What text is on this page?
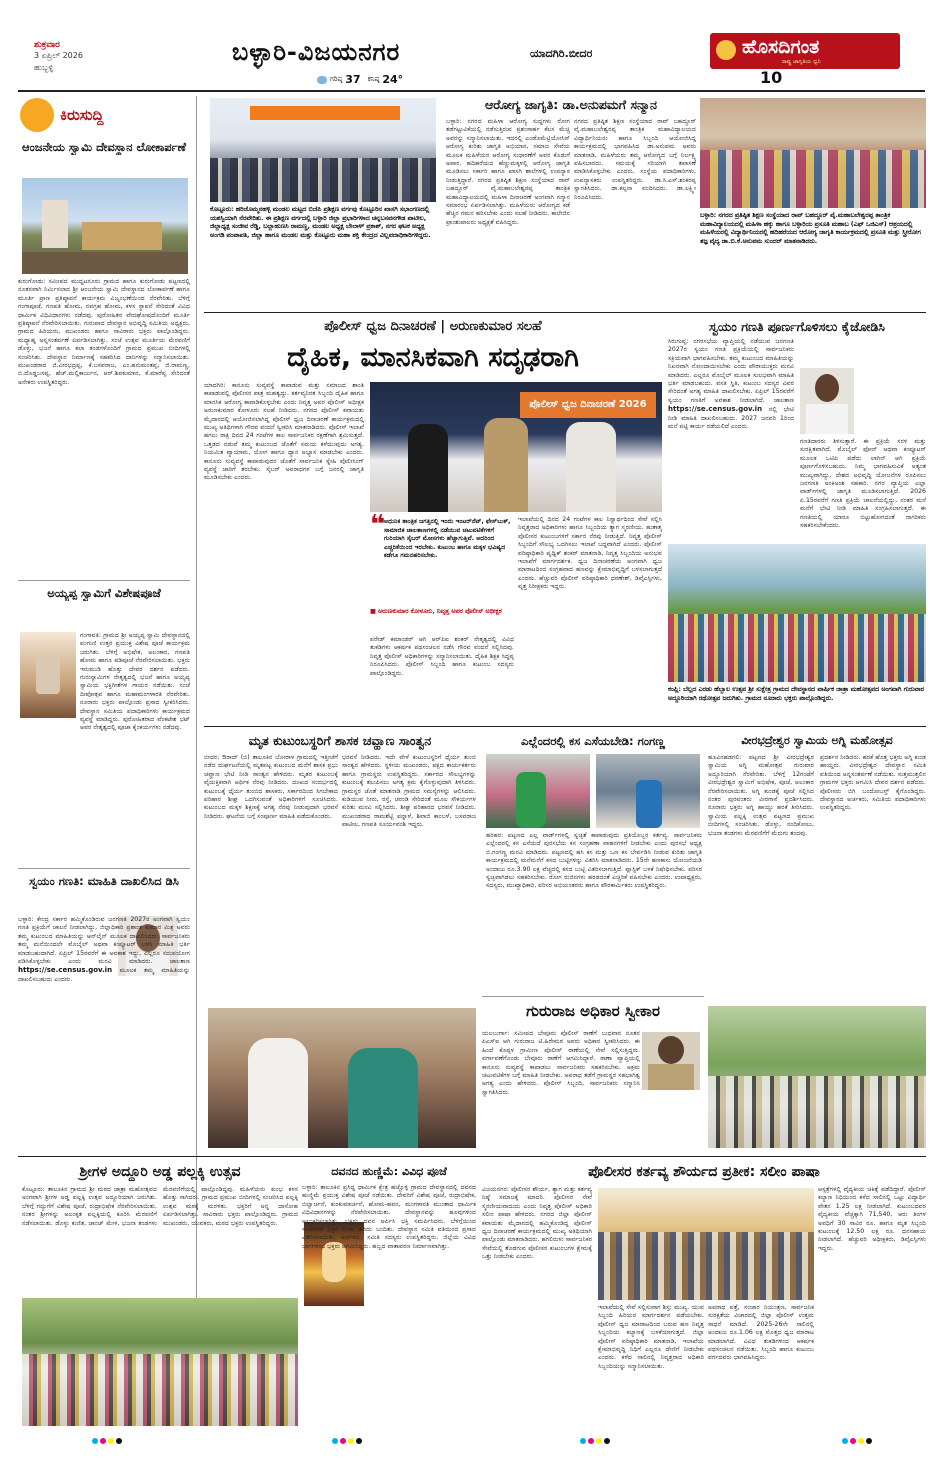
ಶುಕ್ರವಾರ
3 ಏಪ್ರಿಲ್ 2026
ಹುಬ್ಬಳ್ಳಿ
ಬಳ್ಳಾರಿ-ವಿಜಯನಗರ	ಯಾದಗಿರಿ.ಬೀದರ
ಗರಿಷ್ಠ 37 ಕನಿಷ್ಠ 24°
ಹೊಸದಿಗಂತ
ರಾಷ್ಟ್ರ ಜಾಗೃತಿಯ ಧ್ವನಿ
10
ಕಿರುಸುದ್ದಿ
ಆಂಜನೇಯ ಸ್ವಾಮಿ ದೇವಸ್ಥಾನ ಲೋಕಾರ್ಪಣೆ
ಕುರುಗೋಡು: ಸಮೀಪದ ಮುದ್ದಟನೂರು ಗ್ರಾಮದ ಹಾಗೂ ಕುರುಗೋಡು ಪಟ್ಟಣದಲ್ಲಿ ನೂತನವಾಗಿ ನಿರ್ಮಿಸಲಾದ ಶ್ರೀ ಆಂಜನೇಯ ಸ್ವಾಮಿ ದೇವಸ್ಥಾನದ ಲೋಕಾರ್ಪಣೆ ಹಾಗೂ ಮೂರ್ತಿ ಪ್ರಾಣ ಪ್ರತಿಷ್ಠಾಪನೆ ಕಾರ್ಯಕ್ರಮ ವಿಜೃಂಭಣೆಯಿಂದ ನೆರವೇರಿತು. ಬೆಳಿಗ್ಗೆ ಗಂಗಾಪೂಜೆ, ಗಣಪತಿ ಹೋಮ, ನವಗ್ರಹ ಹೋಮ, ಕಳಸ ಸ್ಥಾಪನೆ ಸೇರಿದಂತೆ ವಿವಿಧ ಧಾರ್ಮಿಕ ವಿಧಿವಿಧಾನಗಳು ನಡೆದವು. ಪುರೋಹಿತರ ವೇದಘೋಷದೊಂದಿಗೆ ಮೂರ್ತಿ ಪ್ರತಿಷ್ಠಾಪನೆ ನೆರವೇರಿಸಲಾಯಿತು. ಗುರುಪಾದ ದೇವಸ್ಥಾನ ಅಭಿವೃದ್ಧಿ ಸಮಿತಿಯ ಅಧ್ಯಕ್ಷರು, ಗ್ರಾಮದ ಹಿರಿಯರು, ಮುಖಂಡರು ಹಾಗೂ ಸಾವಿರಾರು ಭಕ್ತರು ಪಾಲ್ಗೊಂಡಿದ್ದರು. ಮಧ್ಯಾಹ್ನ ಅನ್ನಸಂತರ್ಪಣೆ ಏರ್ಪಡಿಸಲಾಗಿತ್ತು. ಸಂಜೆ ಉತ್ಸವ ಮೂರ್ತಿಯ ಮೆರವಣಿಗೆ ಡೊಳ್ಳು, ಭಜನೆ ಹಾಗೂ ಕಲಾ ತಂಡಗಳೊಂದಿಗೆ ಗ್ರಾಮದ ಪ್ರಮುಖ ಬೀದಿಗಳಲ್ಲಿ ಸಂಚರಿಸಿತು. ದೇವಸ್ಥಾನ ನಿರ್ಮಾಣಕ್ಕೆ ಸಹಕರಿಸಿದ ದಾನಿಗಳನ್ನು ಸನ್ಮಾನಿಸಲಾಯಿತು. ಮುಖಂಡರಾದ ಜಿ.ವೀರಭದ್ರಪ್ಪ, ಕೆ.ಬಸವರಾಜ, ಎಂ.ಹನುಮಂತಪ್ಪ, ಜಿ.ರಾಮಣ್ಣ, ಬಿ.ದೊಡ್ಡಬಸಪ್ಪ, ಹೆಚ್.ಮಲ್ಲಿಕಾರ್ಜುನ, ಆರ್.ಶಿವಕುಮಾರ, ಕೆ.ಮಾರೆಪ್ಪ ಸೇರಿದಂತೆ ಅನೇಕರು ಉಪಸ್ಥಿತರಿದ್ದರು.
ಅಯ್ಯಪ್ಪ ಸ್ವಾಮಿಗೆ ವಿಶೇಷಪೂಜೆ
ಗಂಗಾವತಿ: ಗ್ರಾಮದ ಶ್ರೀ ಅಯ್ಯಪ್ಪ ಸ್ವಾಮಿ ದೇವಸ್ಥಾನದಲ್ಲಿ ಪಂಗುಣಿ ಉತ್ತರ ಪ್ರಯುಕ್ತ ವಿಶೇಷ ಪೂಜೆ ಕಾರ್ಯಕ್ರಮ ಜರುಗಿತು. ಬೆಳಿಗ್ಗೆ ಅಭಿಷೇಕ, ಅಲಂಕಾರ, ಗಣಪತಿ ಹೋಮ ಹಾಗೂ ಪಡಿಪೂಜೆ ನೆರವೇರಿಸಲಾಯಿತು. ಭಕ್ತರು ಇರುಮುಡಿ ಹೊತ್ತು ದೇವರ ದರ್ಶನ ಪಡೆದರು. ಗುರುಸ್ವಾಮಿಗಳ ನೇತೃತ್ವದಲ್ಲಿ ಭಜನೆ ಹಾಗೂ ಅಯ್ಯಪ್ಪ ಸ್ವಾಮಿಯ ಭಕ್ತಿಗೀತೆಗಳ ಗಾಯನ ನಡೆಯಿತು. ಸಂಜೆ ದೀಪೋತ್ಸವ ಹಾಗೂ ಮಹಾಮಂಗಳಾರತಿ ನೆರವೇರಿತು. ನೂರಾರು ಭಕ್ತರು ಪಾಲ್ಗೊಂಡು ಪ್ರಸಾದ ಸ್ವೀಕರಿಸಿದರು. ದೇವಸ್ಥಾನ ಸಮಿತಿಯ ಪದಾಧಿಕಾರಿಗಳು ಕಾರ್ಯಕ್ರಮದ ವ್ಯವಸ್ಥೆ ಮಾಡಿದ್ದರು. ಪುರೋಹಿತರಾದ ವೆಂಕಟೇಶ ಭಟ್ ಅವರ ನೇತೃತ್ವದಲ್ಲಿ ಪೂಜಾ ಕೈಂಕರ್ಯಗಳು ನಡೆದವು.
ಸ್ವಯಂ ಗಣತಿ: ಮಾಹಿತಿ ದಾಖಲಿಸಿದ ಡಿಸಿ
ಬಳ್ಳಾರಿ: ಕೇಂದ್ರ ಸರ್ಕಾರ ಹಮ್ಮಿಕೊಂಡಿರುವ ಜನಗಣತಿ 2027ರ ಅಂಗವಾಗಿ ಸ್ವಯಂ ಗಣತಿ ಪ್ರಕ್ರಿಯೆಗೆ ಚಾಲನೆ ನೀಡಲಾಗಿದ್ದು, ಜಿಲ್ಲಾಧಿಕಾರಿ ಪ್ರಶಾಂತ ಕುಮಾರ ಮಿಶ್ರ ಅವರು ತಮ್ಮ ಕುಟುಂಬದ ಮಾಹಿತಿಯನ್ನು ಆನ್‌ಲೈನ್ ಮೂಲಕ ದಾಖಲಿಸಿದರು. ಸಾರ್ವಜನಿಕರು ತಮ್ಮ ಮನೆಯಿಂದಲೇ ಮೊಬೈಲ್ ಅಥವಾ ಕಂಪ್ಯೂಟರ್ ಬಳಸಿ ಮಾಹಿತಿ ಭರ್ತಿ ಮಾಡಬಹುದಾಗಿದೆ. ಏಪ್ರಿಲ್ 15ರವರೆಗೆ ಈ ಅವಕಾಶ ಇದ್ದು, ಎಲ್ಲರೂ ಸದುಪಯೋಗ ಪಡಿಸಿಕೊಳ್ಳಬೇಕು ಎಂದು ಮನವಿ ಮಾಡಿದರು. ಜಾಲತಾಣ https://se.census.gov.in ಮೂಲಕ ತಮ್ಮ ಮಾಹಿತಿಯನ್ನು ದಾಖಲಿಸಬಹುದು ಎಂದರು.
ಕೊಟ್ಟೂರು: ಹರಿಜೊಮ್ಮನಹಳ್ಳಿ ಮಂಡಲ ಮಟ್ಟದ ಬಿಜೆಪಿ ಪ್ರಶಿಕ್ಷಣ ವರ್ಗವು ಕೊಟ್ಟೂರಿನ ಖಾಸಗಿ ಸಭಾಂಗಣದಲ್ಲಿ ಯಶಸ್ವಿಯಾಗಿ ನೆರವೇರಿತು. ಈ ಪ್ರಶಿಕ್ಷಣ ವರ್ಗದಲ್ಲಿ ಬಳ್ಳಾರಿ ಜಿಲ್ಲಾ ಪ್ರಭಾರಿಗಳಾದ ಚನ್ನಬಸವನಗೌಡ ಪಾಟೀಲ, ಜಿಲ್ಲಾಧ್ಯಕ್ಷ ಸಂಜೀವ ರೆಡ್ಡಿ, ಬಲ್ಲಾಹುಣಸಿ ರಾಮಣ್ಣ, ಮಂಡಲ ಅಧ್ಯಕ್ಷ ಬೇಲಾಳ್ ಪ್ರಕಾಶ್, ನಗರ ಘಟಕ ಅಧ್ಯಕ್ಷ ಅಂಗಡಿ ಪಂಪಾಪತಿ, ಜಿಲ್ಲಾ ಹಾಗೂ ಮಂಡಲ ಮತ್ತು ಕೊಟ್ಟೂರು ಮಹಾ ಶಕ್ತಿ ಕೇಂದ್ರದ ವಿಲ್ಲಪದಾಧಿಕಾರಿಗಳಿದ್ದರು.
ಆರೋಗ್ಯ ಜಾಗೃತಿ: ಡಾ.ಅನುಪಮಗೆ ಸನ್ಮಾನ
ಬಳ್ಳಾರಿ: ನಗರದ ಮಹಿಳಾ ಆರೋಗ್ಯ ಸುದ್ಧಗಳು ರೋಗ ತಡೆಗಟ್ಟುವಿಕೆಯಲ್ಲಿ ನಡೆಸುತ್ತಿರುವ ಪ್ರಶಂಸಾರ್ಹ ಕೆಲಸ ಮೆಚ್ಚಿ ಅವರನ್ನು ಸನ್ಮಾನಿಸಲಾಯಿತು. ಇದರಲ್ಲಿ ಎಂಡೊಮೆಟ್ರಿಯೋಸಿಸ್ ಆರೋಗ್ಯ ಕುರಿತು ಜಾಗೃತಿ ಅಭಿಯಾನ, ಸಮಾಜ ಸೇವೆಯ ಮೂಲಕ ಮಹಿಳೆಯರ ಆರೋಗ್ಯ ಸುಧಾರಣೆಗೆ ಅವರ ಕೊಡುಗೆ ಅಪಾರ. ಹದಿಹರೆಯದ ಹೆಣ್ಣುಮಕ್ಕಳಲ್ಲಿ ಆರೋಗ್ಯ ಜಾಗೃತಿ ಮೂಡಿಸಲು ಸರ್ಕಾರಿ ಹಾಗೂ ಖಾಸಗಿ ಶಾಲೆಗಳಲ್ಲಿ ಉಪನ್ಯಾಸ ನೀಡುತ್ತಿದ್ದಾರೆ. ನಗರದ ಪ್ರತಿಷ್ಠಿತ ಶಿಕ್ಷಣ ಸಂಸ್ಥೆಯಾದ ರಾವ್ ಬಹದ್ದೂರ್ ವೈ.ಮಹಾಬಲೇಶ್ವರಪ್ಪ ತಾಂತ್ರಿಕ ಮಹಾವಿದ್ಯಾಲಯದಲ್ಲಿ ಮಹಿಳಾ ದಿನಾಚರಣೆ ಅಂಗವಾಗಿ ಸನ್ಮಾನ ಸಮಾರಂಭ ಏರ್ಪಡಿಸಲಾಗಿತ್ತು. ಮಹಿಳೆಯರು ಆರೋಗ್ಯದ ಕಡೆ ಹೆಚ್ಚಿನ ಗಮನ ಹರಿಸಬೇಕು ಎಂದು ಸಲಹೆ ನೀಡಿದರು. ಕಾಲೇಜಿನ ಪ್ರಾಂಶುಪಾಲರು ಅಧ್ಯಕ್ಷತೆ ವಹಿಸಿದ್ದರು.
ನಗರದ ಪ್ರತಿಷ್ಠಿತ ಶಿಕ್ಷಣ ಸಂಸ್ಥೆಯಾದ ರಾವ್ ಬಹದ್ದೂರ್ ವೈ.ಮಹಾಬಲೇಶ್ವರಪ್ಪ ತಾಂತ್ರಿಕ ಮಹಾವಿದ್ಯಾಲಯದ ವಿದ್ಯಾರ್ಥಿನಿಯರು ಹಾಗೂ ಸಿಬ್ಬಂದಿ ಆಯೋಜಿಸಿದ್ದ ಕಾರ್ಯಕ್ರಮದಲ್ಲಿ ಭಾಗವಹಿಸಿದ ಡಾ.ಅನುಪಮ ಅವರು ಮಾತನಾಡಿ, ಮಹಿಳೆಯರು ತಮ್ಮ ಆರೋಗ್ಯದ ಬಗ್ಗೆ ನಿರ್ಲಕ್ಷ್ಯ ವಹಿಸಬಾರದು. ಸಮಯಕ್ಕೆ ಸರಿಯಾಗಿ ತಪಾಸಣೆ ಮಾಡಿಸಿಕೊಳ್ಳಬೇಕು ಎಂದರು. ಸಂಸ್ಥೆಯ ಪದಾಧಿಕಾರಿಗಳು, ಉಪನ್ಯಾಸಕರು ಉಪಸ್ಥಿತರಿದ್ದರು. ಡಾ.ಸಿ.ಎಸ್.ಶಂಕರಪ್ಪ ಸ್ವಾಗತಿಸಿದರು. ಡಾ.ಕಲ್ಪನಾ ವಂದಿಸಿದರು. ಡಾ.ಲಕ್ಷ್ಮೀ ನಿರೂಪಿಸಿದರು.
ಬಳ್ಳಾರಿ: ನಗರದ ಪ್ರತಿಷ್ಠಿತ ಶಿಕ್ಷಣ ಸಂಸ್ಥೆಯಾದ ರಾವ್ ಬಹದ್ದೂರ್ ವೈ.ಮಹಾಬಲೇಶ್ವರಪ್ಪ ತಾಂತ್ರಿಕ ಮಹಾವಿದ್ಯಾಲಯದಲ್ಲಿ ಮಹಿಳಾ ಹಕ್ಕು ಹಾಗೂ ಬಳ್ಳಾರಿಯ ಪ್ರಸೂತಿ ಮಹಾಬ (ಎಫ್ ಒಜಿಎಸ್) ಆಶ್ರಯದಲ್ಲಿ ಮಹಿಳೆಯರಲ್ಲಿ ವಿದ್ಯಾರ್ಥಿನಿಯರಲ್ಲಿ ಹದಿಹರೆಯದ ಆರೋಗ್ಯ ಜಾಗೃತಿ ಕಾರ್ಯಕ್ರಮದಲ್ಲಿ ಪ್ರಸೂತಿ ಮತ್ತು ಸ್ತ್ರೀರೋಗ ತಜ್ಞ ವೈದ್ಯ ಡಾ.ಬಿ.ಕೆ.ಅನುಪಮ ಸುಂದರ್ ಮಾತನಾಡಿದರು.
ಪೊಲೀಸ್ ಧ್ವಜ ದಿನಾಚರಣೆ | ಅರುಣಕುಮಾರ ಸಲಹೆ
ದೈಹಿಕ, ಮಾನಸಿಕವಾಗಿ ಸದೃಢರಾಗಿ
ಯಾದಗಿರಿ: ಕಾನೂನು ಸುವ್ಯವಸ್ಥೆ ಕಾಪಾಡುವ ಮತ್ತು ಸಮಾಜದ ಶಾಂತಿ ಕಾಪಾಡುವಲ್ಲಿ ಪೊಲೀಸರ ಪಾತ್ರ ಮಹತ್ವದ್ದು. ಕರ್ತವ್ಯನಿರತ ಸಿಬ್ಬಂದಿ ದೈಹಿಕ ಹಾಗೂ ಮಾನಸಿಕ ಆರೋಗ್ಯ ಕಾಪಾಡಿಕೊಳ್ಳಬೇಕು ಎಂದು ನಿವೃತ್ತ ಅಪರ ಪೊಲೀಸ್ ಅಧೀಕ್ಷಕ ಅರುಣಕುಮಾರ ಕೋಳೂರು ಸಲಹೆ ನೀಡಿದರು. ನಗರದ ಪೊಲೀಸ್ ಕವಾಯತು ಮೈದಾನದಲ್ಲಿ ಆಯೋಜಿಸಲಾಗಿದ್ದ ಪೊಲೀಸ್ ಧ್ವಜ ದಿನಾಚರಣೆ ಕಾರ್ಯಕ್ರಮದಲ್ಲಿ ಮುಖ್ಯ ಅತಿಥಿಗಳಾಗಿ ಗೌರವ ವಂದನೆ ಸ್ವೀಕರಿಸಿ ಮಾತನಾಡಿದರು. ಪೊಲೀಸ್ ಇಲಾಖೆ ಹಗಲು ರಾತ್ರಿ ದಿನದ 24 ಗಂಟೆಗಳ ಕಾಲ ಸಾರ್ವಜನಿಕರ ರಕ್ಷಣೆಗಾಗಿ ಶ್ರಮಿಸುತ್ತದೆ. ಒತ್ತಡದ ನಡುವೆ ತಮ್ಮ ಕುಟುಂಬದ ಜೊತೆಗೆ ಸಮಯ ಕಳೆಯುವುದು ಅಗತ್ಯ. ನಿಯಮಿತ ವ್ಯಾಯಾಮ, ಯೋಗ ಹಾಗೂ ಧ್ಯಾನ ಅಭ್ಯಾಸ ಮಾಡಬೇಕು ಎಂದರು. ಕಾನೂನು ಸುವ್ಯವಸ್ಥೆ ಕಾಪಾಡುವುದರ ಜೊತೆಗೆ ಸಾರ್ವಜನಿಕ ಸ್ನೇಹಿ ಪೊಲೀಸಿಂಗ್ ವ್ಯವಸ್ಥೆ ಜಾರಿಗೆ ತರಬೇಕು. ಸೈಬರ್ ಅಪರಾಧಗಳ ಬಗ್ಗೆ ಜನರಲ್ಲಿ ಜಾಗೃತಿ ಮೂಡಿಸಬೇಕು ಎಂದರು.
ಪೊಲೀಸ್ ಧ್ವಜ ದಿನಾಚರಣೆ 2026
❝
ಆಧುನಿಕ ತಾಂತ್ರಿಕ ಜಗತ್ತಿನಲ್ಲಿ ಇಂದು ಇಂಟರ್‌ನೆಟ್, ಫೇಸ್‌ಬುಕ್, ಸಾಮಾಜಿಕ ಜಾಲತಾಣಗಳಲ್ಲಿ ನಡೆಯುವ ಚಟುವಟಿಕೆಗಳಿಗೆ ಗುರಿಯಾಗಿ ಸೈಬರ್ ಮೋಸಗಳು ಹೆಚ್ಚಾಗುತ್ತಿವೆ. ಅದರಿಂದ ಎಚ್ಚರಿಕೆಯಿಂದ ಇರಬೇಕು. ಕುಟುಂಬ ಹಾಗೂ ಮಕ್ಕಳ ಭವಿಷ್ಯದ ಕಡೆಗೂ ಗಮನಹರಿಸಬೇಕು.
■ ಅರುಣಕುಮಾರ ಕೋಳೂರು, ನಿವೃತ್ತ ಅಪರ ಪೊಲೀಸ್ ಅಧೀಕ್ಷಕ
ಇಲಾಖೆಯಲ್ಲಿ ದಿನದ 24 ಗಂಟೆಗಳ ಕಾಲ ನಿಸ್ವಾರ್ಥದಿಂದ ಸೇವೆ ಸಲ್ಲಿಸಿ ನಿವೃತ್ತರಾದ ಅಧಿಕಾರಿಗಳು ಹಾಗೂ ಸಿಬ್ಬಂದಿಯ ತ್ಯಾಗ ಸ್ಮರಣೀಯ. ಹುತಾತ್ಮ ಪೊಲೀಸರ ಕುಟುಂಬಗಳಿಗೆ ಸರ್ಕಾರ ನೆರವು ನೀಡುತ್ತಿದೆ. ನಿವೃತ್ತ ಪೊಲೀಸ್ ಸಿಬ್ಬಂದಿಗೆ ಸೌಲಭ್ಯ ಒದಗಿಸಲು ಇಲಾಖೆ ಬದ್ಧವಾಗಿದೆ ಎಂದರು. ಪೊಲೀಸ್ ವರಿಷ್ಠಾಧಿಕಾರಿ ಪೃಥ್ವಿಕ್ ಶಂಕರ್ ಮಾತನಾಡಿ, ನಿವೃತ್ತ ಸಿಬ್ಬಂದಿಯ ಅನುಭವ ಇಲಾಖೆಗೆ ಮಾರ್ಗದರ್ಶಕ. ಧ್ವಜ ದಿನಾಚರಣೆಯ ಅಂಗವಾಗಿ ಧ್ವಜ ಮಾರಾಟದಿಂದ ಸಂಗ್ರಹವಾದ ಹಣವನ್ನು ಕ್ಷೇಮಾಭಿವೃದ್ಧಿಗೆ ಬಳಸಲಾಗುತ್ತದೆ ಎಂದರು. ಹೆಚ್ಚುವರಿ ಪೊಲೀಸ್ ವರಿಷ್ಠಾಧಿಕಾರಿ ಧರಣೇಶ್, ಡಿವೈಎಸ್ಪಿಗಳು, ವೃತ್ತ ನಿರೀಕ್ಷಕರು ಇದ್ದರು.
ಪರೇಡ್ ಕಮಾಂಡರ್ ಆಗಿ ಆರ್‌ಪಿಐ ಶಂಕರ್ ನೇತೃತ್ವದಲ್ಲಿ ವಿವಿಧ ತುಕಡಿಗಳು ಆಕರ್ಷಕ ಪಥಸಂಚಲನ ನಡೆಸಿ ಗೌರವ ವಂದನೆ ಸಲ್ಲಿಸಿದವು. ನಿವೃತ್ತ ಪೊಲೀಸ್ ಅಧಿಕಾರಿಗಳನ್ನು ಸನ್ಮಾನಿಸಲಾಯಿತು. ದೈಹಿಕ ಶಿಕ್ಷಕ ಸಿದ್ದಪ್ಪ ನಿರೂಪಿಸಿದರು. ಪೊಲೀಸ್ ಸಿಬ್ಬಂದಿ ಹಾಗೂ ಕುಟುಂಬ ಸದಸ್ಯರು ಪಾಲ್ಗೊಂಡಿದ್ದರು.
ಸ್ವಯಂ ಗಣತಿ ಪೂರ್ಣಗೊಳಿಸಲು ಕೈಜೋಡಿಸಿ
ಸಿರುಗುಪ್ಪ: ನಗರಸಭೆಯ ವ್ಯಾಪ್ತಿಯಲ್ಲಿ ನಡೆಯುವ ಜನಗಣತಿ 2027ರ ಸ್ವಯಂ ಗಣತಿ ಪ್ರಕ್ರಿಯೆಯಲ್ಲಿ ಸಾರ್ವಜನಿಕರು ಸಕ್ರಿಯವಾಗಿ ಭಾಗವಹಿಸಬೇಕು. ತಮ್ಮ ಕುಟುಂಬದ ಮಾಹಿತಿಯನ್ನು ನಿಖರವಾಗಿ ನೋಂದಾಯಿಸಬೇಕು ಎಂದು ಪೌರಾಯುಕ್ತರು ಮನವಿ ಮಾಡಿದರು. ಎಲ್ಲರೂ ಮೊಬೈಲ್ ಮೂಲಕ ಸುಲಭವಾಗಿ ಮಾಹಿತಿ ಭರ್ತಿ ಮಾಡಬಹುದು. ವಸತಿ ಸ್ಥಿತಿ, ಕುಟುಂಬ ಸದಸ್ಯರ ವಿವರ ಸೇರಿದಂತೆ ಅಗತ್ಯ ಮಾಹಿತಿ ದಾಖಲಿಸಬೇಕು. ಏಪ್ರಿಲ್ 15ರವರೆಗೆ ಸ್ವಯಂ ಗಣತಿಗೆ ಅವಕಾಶ ನೀಡಲಾಗಿದೆ. ಜಾಲತಾಣ https://se.census.gov.in ನಲ್ಲಿ ಭೇಟಿ ನೀಡಿ ಮಾಹಿತಿ ದಾಖಲಿಸಬಹುದು. 2027 ಜನವರಿ 1ರಿಂದ ಮನೆ ಪಟ್ಟಿ ಕಾರ್ಯ ನಡೆಯಲಿದೆ ಎಂದರು.
ಗಣತಿದಾರರು ತಿಳಿಸುತ್ತಾರೆ. ಈ ಪ್ರಕ್ರಿಯೆ ಸರಳ ಮತ್ತು ಸುರಕ್ಷಿತವಾಗಿದೆ. ಮೊಬೈಲ್ ಫೋನ್ ಅಥವಾ ಕಂಪ್ಯೂಟರ್ ಮೂಲಕ ಒಟಿಪಿ ಪಡೆದು ಲಾಗಿನ್ ಆಗಿ ಪ್ರಕ್ರಿಯೆ ಪೂರ್ಣಗೊಳಿಸಬಹುದು. ನಿಮ್ಮ ಭಾಗವಹಿಸುವಿಕೆ ಅತ್ಯಂತ ಮುಖ್ಯವಾಗಿದ್ದು, ದೇಶದ ಅಭಿವೃದ್ಧಿ ಯೋಜನೆಗಳ ರೂಪಿಸಲು ಜನಗಣತಿ ಅಂಕಿಅಂಶ ಸಹಕಾರಿ. ನಗರ ವ್ಯಾಪ್ತಿಯ ಎಲ್ಲಾ ವಾರ್ಡ್‌ಗಳಲ್ಲಿ ಜಾಗೃತಿ ಮೂಡಿಸಲಾಗುತ್ತಿದೆ. 2026 ಏ.15ರವರೆಗೆ ಗಣತಿ ಪ್ರಕ್ರಿಯೆ ಚಾಲನೆಯಲ್ಲಿದ್ದು, ನಂತರ ಮನೆ ಮನೆಗೆ ಭೇಟಿ ನೀಡಿ ಮಾಹಿತಿ ಸಂಗ್ರಹಿಸಲಾಗುತ್ತದೆ. ಈ ಗಣತಿಯಲ್ಲಿ ಯಾರೂ ಬಿಟ್ಟುಹೋಗದಂತೆ ನಾಗರಿಕರು ಸಹಕರಿಸಬೇಕೆಂದರು.
ಕಂಪ್ಲಿ: ಬೆಲ್ಲದ ಎರಡು ಹೆಬ್ಬಾಲ ಉತ್ಸವ ಶ್ರೀ ಸುಕ್ಷೇತ್ರ ಗ್ರಾಮದ ದೇವಸ್ಥಾನದ ವಾರ್ಷಿಕ ಜಾತ್ರಾ ಮಹೋತ್ಸವದ ಅಂಗವಾಗಿ ಗುರುವಾರ ಅದ್ದೂರಿಯಾಗಿ ರಥೋತ್ಸವ ಜರುಗಿತು. ಗ್ರಾಮದ ನೂರಾರು ಭಕ್ತರು ಪಾಲ್ಗೊಂಡಿದ್ದರು.
ಮೃತ ಕುಟುಂಬಸ್ಥರಿಗೆ ಶಾಸಕ ಚವ್ಹಾಣ ಸಾಂತ್ವನ
ಬೀದರ: ಔರಾದ್ (ಬಿ) ತಾಲೂಕಿನ ಬೋರಾಳ ಗ್ರಾಮದಲ್ಲಿ ಇತ್ತೀಚೆಗೆ ನಡೆದ ದುರ್ಘಟನೆಯಲ್ಲಿ ಮೃತಪಟ್ಟ ಕುಟುಂಬದ ಮನೆಗೆ ಶಾಸಕ ಪ್ರಭು ಚವ್ಹಾಣ ಭೇಟಿ ನೀಡಿ ಸಾಂತ್ವನ ಹೇಳಿದರು. ಮೃತರ ಕುಟುಂಬಕ್ಕೆ ವೈಯಕ್ತಿಕವಾಗಿ ಆರ್ಥಿಕ ನೆರವು ನೀಡಿದರು. ದುಃಖದ ಸಂದರ್ಭದಲ್ಲಿ ಕುಟುಂಬಕ್ಕೆ ಧೈರ್ಯ ತುಂಬಿದ ಶಾಸಕರು, ಸರ್ಕಾರದಿಂದ ಸಿಗಬೇಕಾದ ಪರಿಹಾರ ಶೀಘ್ರ ಒದಗಿಸುವಂತೆ ಅಧಿಕಾರಿಗಳಿಗೆ ಸೂಚಿಸಿದರು. ಕುಟುಂಬದ ಮಕ್ಕಳ ಶಿಕ್ಷಣಕ್ಕೆ ಅಗತ್ಯ ನೆರವು ನೀಡುವುದಾಗಿ ಭರವಸೆ ನೀಡಿದರು. ಘಟನೆಯ ಬಗ್ಗೆ ಸಂಪೂರ್ಣ ಮಾಹಿತಿ ಪಡೆದುಕೊಂಡರು.
ಭರವಸೆ ನೀಡಿದರು. ಇದೇ ವೇಳೆ ಕುಟುಂಬಸ್ಥರಿಗೆ ಧೈರ್ಯ ತುಂಬಿ ಸಾಂತ್ವನ ಹೇಳಿದರು. ಸ್ಥಳೀಯ ಮುಖಂಡರು, ಪಕ್ಷದ ಕಾರ್ಯಕರ್ತರು ಹಾಗೂ ಗ್ರಾಮಸ್ಥರು ಉಪಸ್ಥಿತರಿದ್ದರು. ಸರ್ಕಾರದ ಸೌಲಭ್ಯಗಳನ್ನು ಕುಟುಂಬಕ್ಕೆ ತಲುಪಿಸಲು ಅಗತ್ಯ ಕ್ರಮ ಕೈಗೊಳ್ಳುವುದಾಗಿ ತಿಳಿಸಿದರು. ಗ್ರಾಮಸ್ಥರ ಜೊತೆ ಮಾತನಾಡಿ ಗ್ರಾಮದ ಸಮಸ್ಯೆಗಳನ್ನು ಆಲಿಸಿದರು. ಕುಡಿಯುವ ನೀರು, ರಸ್ತೆ, ಚರಂಡಿ ಸೇರಿದಂತೆ ಮೂಲ ಸೌಕರ್ಯಗಳ ಕುರಿತು ಮನವಿ ಸಲ್ಲಿಸಿದರು. ಶೀಘ್ರ ಪರಿಹಾರದ ಭರವಸೆ ನೀಡಿದರು. ಮುಖಂಡರಾದ ರಾಮಶೆಟ್ಟಿ ಪನ್ನಾಳೆ, ಶಿವಾಜಿ ಕಾಂಬಳೆ, ಬಸವರಾಜ ಪಾಟೀಲ, ಗಣಪತಿ ಸೂರ್ಯವಂಶಿ ಇದ್ದರು.
ಎಲ್ಲೆಂದರಲ್ಲಿ ಕಸ ಎಸೆಯಬೇಡಿ: ಗಂಗಣ್ಣ
ಹರಿಹರ: ಪಟ್ಟಣದ ಎಲ್ಲ ವಾರ್ಡ್‌ಗಳಲ್ಲಿ ಸ್ವಚ್ಛತೆ ಕಾಪಾಡುವುದು ಪ್ರತಿಯೊಬ್ಬರ ಕರ್ತವ್ಯ. ಸಾರ್ವಜನಿಕರು ಎಲ್ಲೆಂದರಲ್ಲಿ ಕಸ ಎಸೆಯದೆ ಪುರಸಭೆಯ ಕಸ ಸಂಗ್ರಹಣಾ ವಾಹನಗಳಿಗೆ ನೀಡಬೇಕು ಎಂದು ಪುರಸಭೆ ಅಧ್ಯಕ್ಷ ಬಿ.ಗಂಗಣ್ಣ ಮನವಿ ಮಾಡಿದರು. ಪಟ್ಟಣದಲ್ಲಿ ಹಸಿ ಕಸ ಮತ್ತು ಒಣ ಕಸ ಬೇರ್ಪಡಿಸಿ ನೀಡುವ ಕುರಿತು ಜಾಗೃತಿ ಕಾರ್ಯಕ್ರಮದಲ್ಲಿ ಮನೆಮನೆಗೆ ಕಸದ ಬುಟ್ಟಿಗಳನ್ನು ವಿತರಿಸಿ ಮಾತನಾಡಿದರು. 15ನೇ ಹಣಕಾಸು ಯೋಜನೆಯಡಿ ಅಂದಾಜು ರೂ.3.90 ಲಕ್ಷ ವೆಚ್ಚದಲ್ಲಿ ಕಸದ ಬುಟ್ಟಿ ವಿತರಿಸಲಾಗುತ್ತಿದೆ. ಪ್ಲಾಸ್ಟಿಕ್ ಬಳಕೆ ನಿಷೇಧಿಸಬೇಕು. ಪರಿಸರ ಸ್ವಚ್ಛವಾಗಿಡಲು ಸಹಕರಿಸಬೇಕು. ರೋಗ ರುಜಿನಗಳು ಹರಡದಂತೆ ಎಚ್ಚರಿಕೆ ವಹಿಸಬೇಕು ಎಂದರು. ಉಪಾಧ್ಯಕ್ಷರು, ಸದಸ್ಯರು, ಮುಖ್ಯಾಧಿಕಾರಿ, ಪರಿಸರ ಅಭಿಯಂತರರು ಹಾಗೂ ಪೌರಕಾರ್ಮಿಕರು ಉಪಸ್ಥಿತರಿದ್ದರು.
ಗುರುರಾಜ ಅಧಿಕಾರ ಸ್ವೀಕಾರ
ಯಲಬುರ್ಗಾ: ಸಮೀಪದ ಬೇವೂರು ಪೊಲೀಸ್ ಠಾಣೆಗೆ ಬುಧವಾರ ನೂತನ ಪಿಎಸ್‌ಐ ಆಗಿ ಗುರುರಾಜ ಟಿ.ಹಿರೇಮಠ ಅವರು ಅಧಿಕಾರ ಸ್ವೀಕರಿಸಿದರು. ಈ ಹಿಂದೆ ಕೊಪ್ಪಳ ಗ್ರಾಮೀಣ ಪೊಲೀಸ್ ಠಾಣೆಯಲ್ಲಿ ಸೇವೆ ಸಲ್ಲಿಸುತ್ತಿದ್ದರು. ವರ್ಗಾವಣೆಗೊಂಡು ಬೇವೂರು ಠಾಣೆಗೆ ಆಗಮಿಸಿದ್ದಾರೆ. ಠಾಣಾ ವ್ಯಾಪ್ತಿಯಲ್ಲಿ ಕಾನೂನು ಸುವ್ಯವಸ್ಥೆ ಕಾಪಾಡಲು ಸಾರ್ವಜನಿಕರು ಸಹಕರಿಸಬೇಕು. ಅಕ್ರಮ ಚಟುವಟಿಕೆಗಳ ಬಗ್ಗೆ ಮಾಹಿತಿ ನೀಡಬೇಕು. ಅಪರಾಧ ತಡೆಗೆ ಗ್ರಾಮಸ್ಥರ ಸಹಭಾಗಿತ್ವ ಅಗತ್ಯ ಎಂದು ಹೇಳಿದರು. ಪೊಲೀಸ್ ಸಿಬ್ಬಂದಿ, ಸಾರ್ವಜನಿಕರು ಸನ್ಮಾನಿಸಿ ಸ್ವಾಗತಿಸಿದರು.
ವೀರಭದ್ರೇಶ್ವರ ಸ್ವಾಮಿಯ ಅಗ್ನಿ ಮಹೋತ್ಸವ
ಹೂವಿನಹಡಗಲಿ: ಪಟ್ಟಣದ ಶ್ರೀ ವೀರಭದ್ರೇಶ್ವರ ಸ್ವಾಮಿಯ ಅಗ್ನಿ ಮಹೋತ್ಸವ ಗುರುವಾರ ಅದ್ದೂರಿಯಾಗಿ ನೆರವೇರಿತು. ಬೆಳಿಗ್ಗೆ 12ಗಂಟೆಗೆ ವೀರಭದ್ರೇಶ್ವರ ಸ್ವಾಮಿಗೆ ಅಭಿಷೇಕ, ಪೂಜೆ, ಅಲಂಕಾರ ನೆರವೇರಿಸಲಾಯಿತು. ಅಗ್ನಿ ಕುಂಡಕ್ಕೆ ಪೂಜೆ ಸಲ್ಲಿಸಿದ ನಂತರ ಪುರವಂತರು ವೀರಗಾಸೆ ಪ್ರದರ್ಶಿಸಿದರು. ನೂರಾರು ಭಕ್ತರು ಅಗ್ನಿ ಹಾಯ್ದು ಹರಕೆ ತೀರಿಸಿದರು. ಸ್ವಾಮಿಯ ಪಲ್ಲಕ್ಕಿ ಉತ್ಸವ ಪಟ್ಟಣದ ಪ್ರಮುಖ ಬೀದಿಗಳಲ್ಲಿ ಸಂಚರಿಸಿತು. ಡೊಳ್ಳು, ನಂದಿಕೋಲು, ಭಜನಾ ತಂಡಗಳು ಮೆರವಣಿಗೆಗೆ ಮೆರುಗು ತಂದವು.
ಪ್ರದರ್ಶನ ನೀಡಿದರು. ಹರಕೆ ಹೊತ್ತ ಭಕ್ತರು ಅಗ್ನಿ ಕುಂಡ ಹಾಯ್ದರು. ವೀರಭದ್ರೇಶ್ವರ ದೇವಸ್ಥಾನ ಸಮಿತಿ ವತಿಯಿಂದ ಅನ್ನಸಂತರ್ಪಣೆ ನಡೆಯಿತು. ಸುತ್ತಮುತ್ತಲಿನ ಗ್ರಾಮಗಳ ಭಕ್ತರು ಆಗಮಿಸಿ ದೇವರ ದರ್ಶನ ಪಡೆದರು. ಪೊಲೀಸರು ಬಿಗಿ ಬಂದೋಬಸ್ತ್ ಕೈಗೊಂಡಿದ್ದರು. ದೇವಸ್ಥಾನದ ಅರ್ಚಕರು, ಸಮಿತಿಯ ಪದಾಧಿಕಾರಿಗಳು ಉಪಸ್ಥಿತರಿದ್ದರು.
ಶ್ರೀಗಳ ಅದ್ದೂರಿ ಅಡ್ಡ ಪಲ್ಲಕ್ಕಿ ಉತ್ಸವ
ಕೊಟ್ಟೂರು: ತಾಲೂಕಿನ ಗ್ರಾಮದ ಶ್ರೀ ಮಠದ ಜಾತ್ರಾ ಮಹೋತ್ಸವದ ಅಂಗವಾಗಿ ಶ್ರೀಗಳ ಅಡ್ಡ ಪಲ್ಲಕ್ಕಿ ಉತ್ಸವ ಅದ್ದೂರಿಯಾಗಿ ಜರುಗಿತು. ಬೆಳಿಗ್ಗೆ ಗದ್ದುಗೆಗೆ ವಿಶೇಷ ಪೂಜೆ, ರುದ್ರಾಭಿಷೇಕ ನೆರವೇರಿಸಲಾಯಿತು. ನಂತರ ಶ್ರೀಗಳನ್ನು ಅಲಂಕೃತ ಪಲ್ಲಕ್ಕಿಯಲ್ಲಿ ಕೂರಿಸಿ ಮೆರವಣಿಗೆ ನಡೆಸಲಾಯಿತು. ಡೊಳ್ಳು ಕುಣಿತ, ಜಾಂಜ್ ಮೇಳ, ಭಜನಾ ತಂಡಗಳು ಮೆರವಣಿಗೆಯಲ್ಲಿ ಪಾಲ್ಗೊಂಡಿದ್ದವು. ಮಹಿಳೆಯರು ಕುಂಭ ಕಳಸ ಹೊತ್ತು ಸಾಗಿದರು. ಗ್ರಾಮದ ಪ್ರಮುಖ ಬೀದಿಗಳಲ್ಲಿ ಸಂಚರಿಸಿದ ಪಲ್ಲಕ್ಕಿ ಉತ್ಸವ ಮಠಕ್ಕೆ ಮರಳಿತು. ಭಕ್ತರಿಗೆ ಅನ್ನ ದಾಸೋಹ ಏರ್ಪಡಿಸಲಾಗಿತ್ತು. ಸಾವಿರಾರು ಭಕ್ತರು ಪಾಲ್ಗೊಂಡಿದ್ದರು. ಗ್ರಾಮದ ಮುಖಂಡರು, ಯುವಕರು, ಮಠದ ಭಕ್ತರು ಉಪಸ್ಥಿತರಿದ್ದರು.
ದವನದ ಹುಣ್ಣಿಮೆ: ವಿವಿಧ ಪೂಜೆ
ಬಳ್ಳಾರಿ: ತಾಲೂಕಿನ ಪ್ರಸಿದ್ಧ ಧಾರ್ಮಿಕ ಕ್ಷೇತ್ರ ಹಚ್ಚೊಳ್ಳಿ ಗ್ರಾಮದ ದೇವಸ್ಥಾನದಲ್ಲಿ ದವನದ ಹುಣ್ಣಿಮೆ ಪ್ರಯುಕ್ತ ವಿಶೇಷ ಪೂಜೆ ನಡೆಯಿತು. ದೇವರಿಗೆ ವಿಶೇಷ ಪೂಜೆ, ರುದ್ರಾಭಿಷೇಕ, ಬಿಲ್ವಾರ್ಚನೆ, ಕುಂಕುಮಾರ್ಚನೆ, ಹೋಮ-ಹವನ, ಮಂಗಳಾರತಿ ಮುಂತಾದ ಧಾರ್ಮಿಕ ವಿಧಿವಿಧಾನಗಳನ್ನು ನೆರವೇರಿಸಲಾಯಿತು. ದೇವಸ್ಥಾನವನ್ನು ಹೂವುಗಳಿಂದ ಅಲಂಕರಿಸಲಾಗಿತ್ತು. ಭಕ್ತರು ದವನ ಅರ್ಪಿಸಿ ಭಕ್ತಿ ಸಮರ್ಪಿಸಿದರು. ಬೆಳಿಗ್ಗೆಯಿಂದ ಸಂಜೆವರೆಗೆ ಭಕ್ತರ ದಂಡು ಹರಿದು ಬಂದಿತು. ದೇವಸ್ಥಾನ ಸಮಿತಿ ವತಿಯಿಂದ ಪ್ರಸಾದ ವಿತರಿಸಲಾಯಿತು. ಅರ್ಚಕರು, ಸಮಿತಿ ಸದಸ್ಯರು ಉಪಸ್ಥಿತರಿದ್ದರು. ಜಿಲ್ಲೆಯ ವಿವಿಧ ಭಾಗಗಳಿಂದ ಭಕ್ತರು ಆಗಮಿಸಿದ್ದರು. ಹಬ್ಬದ ವಾತಾವರಣ ನಿರ್ಮಾಣವಾಗಿತ್ತು.
ಪೊಲೀಸರ ಕರ್ತವ್ಯ ಶೌರ್ಯದ ಪ್ರತೀಕ: ಸಲೀಂ ಪಾಷಾ
ವಿಜಯನಗರ: ಪೊಲೀಸರ ಶೌರ್ಯ, ತ್ಯಾಗ ಮತ್ತು ಕರ್ತವ್ಯ ನಿಷ್ಠೆ ಸಮಾಜಕ್ಕೆ ಮಾದರಿ. ಪೊಲೀಸರ ಸೇವೆ ಸ್ಮರಣೀಯವಾದುದು ಎಂದು ನಿವೃತ್ತ ಪೊಲೀಸ್ ಅಧಿಕಾರಿ ಸಲೀಂ ಪಾಷಾ ಹೇಳಿದರು. ನಗರದ ಜಿಲ್ಲಾ ಪೊಲೀಸ್ ಕವಾಯತು ಮೈದಾನದಲ್ಲಿ ಹಮ್ಮಿಕೊಂಡಿದ್ದ ಪೊಲೀಸ್ ಧ್ವಜ ದಿನಾಚರಣೆ ಕಾರ್ಯಕ್ರಮದಲ್ಲಿ ಮುಖ್ಯ ಅತಿಥಿಯಾಗಿ ಪಾಲ್ಗೊಂಡು ಮಾತನಾಡಿದರು. ಹಗಲಿರುಳು ಸಾರ್ವಜನಿಕರ ಸೇವೆಯಲ್ಲಿ ತೊಡಗುವ ಪೊಲೀಸರ ಕುಟುಂಬಗಳ ಕ್ಷೇಮಕ್ಕೆ ಒತ್ತು ನೀಡಬೇಕು ಎಂದರು.
ಇಲಾಖೆಯಲ್ಲಿ ಸೇವೆ ಸಲ್ಲಿಸುವಾಗ ಶಿಸ್ತು ಮುಖ್ಯ. ಯುವ ಸಿಬ್ಬಂದಿ ಹಿರಿಯರ ಮಾರ್ಗದರ್ಶನ ಪಡೆಯಬೇಕು. ಪೊಲೀಸ್ ಧ್ವಜ ಮಾರಾಟದಿಂದ ಬರುವ ಹಣ ನಿವೃತ್ತ ಸಿಬ್ಬಂದಿಯ ಕಲ್ಯಾಣಕ್ಕೆ ಬಳಕೆಯಾಗುತ್ತದೆ. ಜಿಲ್ಲಾ ಪೊಲೀಸ್ ವರಿಷ್ಠಾಧಿಕಾರಿ ಮಾತನಾಡಿ, ಇಲಾಖೆಯ ಕ್ಷೇಮಾಭಿವೃದ್ಧಿ ನಿಧಿಗೆ ಎಲ್ಲರೂ ದೇಣಿಗೆ ನೀಡಬೇಕು ಎಂದರು. ಕಳೆದ ಸಾಲಿನಲ್ಲಿ ನಿವೃತ್ತರಾದ ಅಧಿಕಾರಿ ಸಿಬ್ಬಂದಿಯನ್ನು ಸನ್ಮಾನಿಸಲಾಯಿತು.
ಅಪರಾಧ ಪತ್ತೆ, ಸಂಚಾರ ನಿಯಂತ್ರಣ, ಸಾರ್ವಜನಿಕ ಸುರಕ್ಷತೆಯ ವಿಚಾರದಲ್ಲಿ ಜಿಲ್ಲಾ ಪೊಲೀಸ್ ಉತ್ತಮ ಸಾಧನೆ ಮಾಡಿದೆ. 2025-26ನೇ ಸಾಲಿನಲ್ಲಿ ಅಂದಾಜು ರೂ.1.06 ಲಕ್ಷ ಮೊತ್ತದ ಧ್ವಜ ಮಾರಾಟ ಮಾಡಲಾಗಿದೆ. ವಿವಿಧ ತುಕಡಿಗಳಿಂದ ಆಕರ್ಷಕ ಪಥಸಂಚಲನ ನಡೆಯಿತು. ಸಿಬ್ಬಂದಿ ಹಾಗೂ ಕುಟುಂಬ ವರ್ಗದವರು ಭಾಗವಹಿಸಿದ್ದರು.
ಆಸ್ಪತ್ರೆಗಳಲ್ಲಿ ವೈದ್ಯಕೀಯ ಚಿಕಿತ್ಸೆ ಪಡೆದಿದ್ದಾರೆ. ಪೊಲೀಸ್ ಕಲ್ಯಾಣ ನಿಧಿಯಿಂದ ಕಳೆದ ಸಾಲಿನಲ್ಲಿ ಒಟ್ಟು ವಿದ್ಯಾರ್ಥಿ ವೇತನ 1.25 ಲಕ್ಷ ನೀಡಲಾಗಿದೆ. ಕುಟುಂಬದವರ ವೈದ್ಯಕೀಯ ವೆಚ್ಚಕ್ಕಾಗಿ 71,540, ಆರು ತಿಂಗಳ ಅವಧಿಗೆ 30 ಸಾವಿರ ರೂ. ಹಾಗೂ ಮೃತ ಸಿಬ್ಬಂದಿ ಕುಟುಂಬಕ್ಕೆ 12.50 ಲಕ್ಷ ರೂ. ಧನಸಹಾಯ ನೀಡಲಾಗಿದೆ. ಹೆಚ್ಚುವರಿ ಅಧೀಕ್ಷಕರು, ಡಿವೈಎಸ್ಪಿಗಳು ಇದ್ದರು.
